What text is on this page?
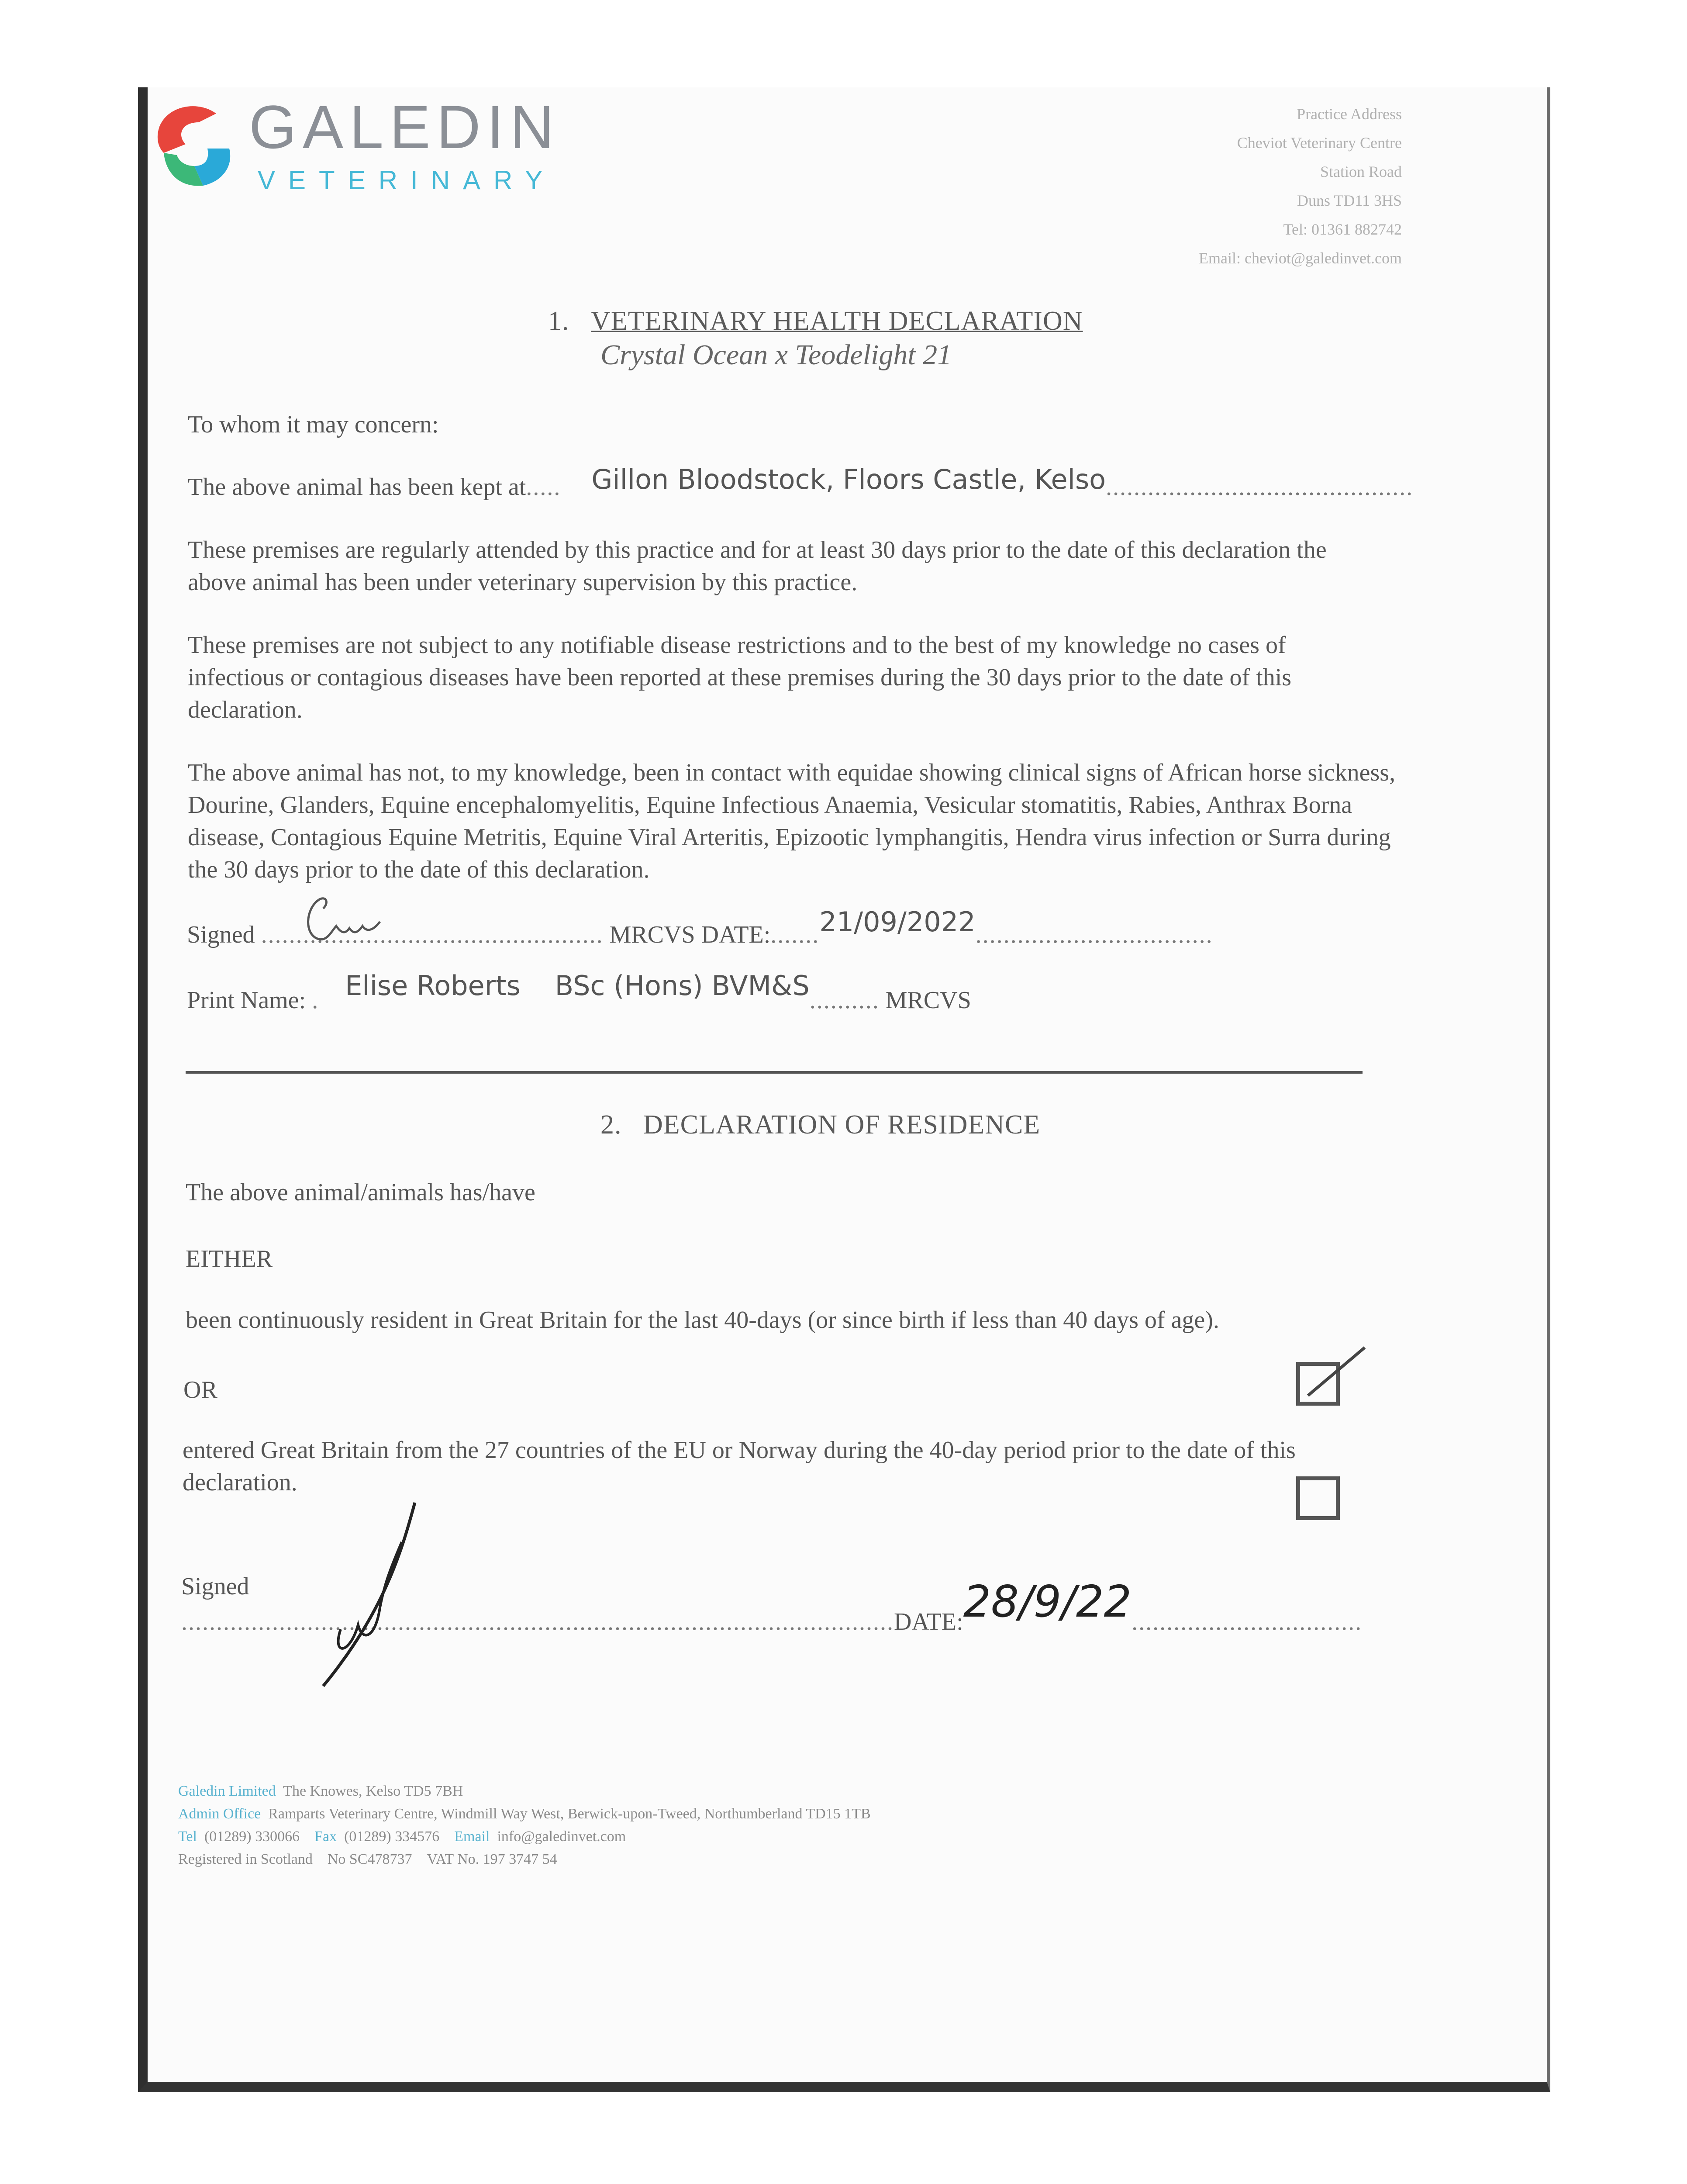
GALEDIN
VETERINARY
Practice Address
Cheviot Veterinary Centre
Station Road
Duns TD11 3HS
Tel: 01361 882742
Email: cheviot@galedinvet.com
1. VETERINARY HEALTH DECLARATION
Crystal Ocean x Teodelight 21
To whom it may concern:
The above animal has been kept at..... Gillon Bloodstock, Floors Castle, Kelso............................................
These premises are regularly attended by this practice and for at least 30 days prior to the date of this declaration the above animal has been under veterinary supervision by this practice.
These premises are not subject to any notifiable disease restrictions and to the best of my knowledge no cases of infectious or contagious diseases have been reported at these premises during the 30 days prior to the date of this declaration.
The above animal has not, to my knowledge, been in contact with equidae showing clinical signs of African horse sickness, Dourine, Glanders, Equine encephalomyelitis, Equine Infectious Anaemia, Vesicular stomatitis, Rabies, Anthrax Borna disease, Contagious Equine Metritis, Equine Viral Arteritis, Epizootic lymphangitis, Hendra virus infection or Surra during the 30 days prior to the date of this declaration.
Signed ................................................. MRCVS DATE:.......21/09/2022..................................
Print Name: . Elise Roberts    BSc (Hons) BVM&S.......... MRCVS
2. DECLARATION OF RESIDENCE
The above animal/animals has/have
EITHER
been continuously resident in Great Britain for the last 40-days (or since birth if less than 40 days of age).
OR
entered Great Britain from the 27 countries of the EU or Norway during the 40-day period prior to the date of this declaration.
Signed
......................................................................................................DATE:28/9/22.................................
Galedin Limited The Knowes, Kelso TD5 7BH
Admin Office Ramparts Veterinary Centre, Windmill Way West, Berwick-upon-Tweed, Northumberland TD15 1TB
Tel (01289) 330066 Fax (01289) 334576 Email info@galedinvet.com
Registered in Scotland No SC478737 VAT No. 197 3747 54
